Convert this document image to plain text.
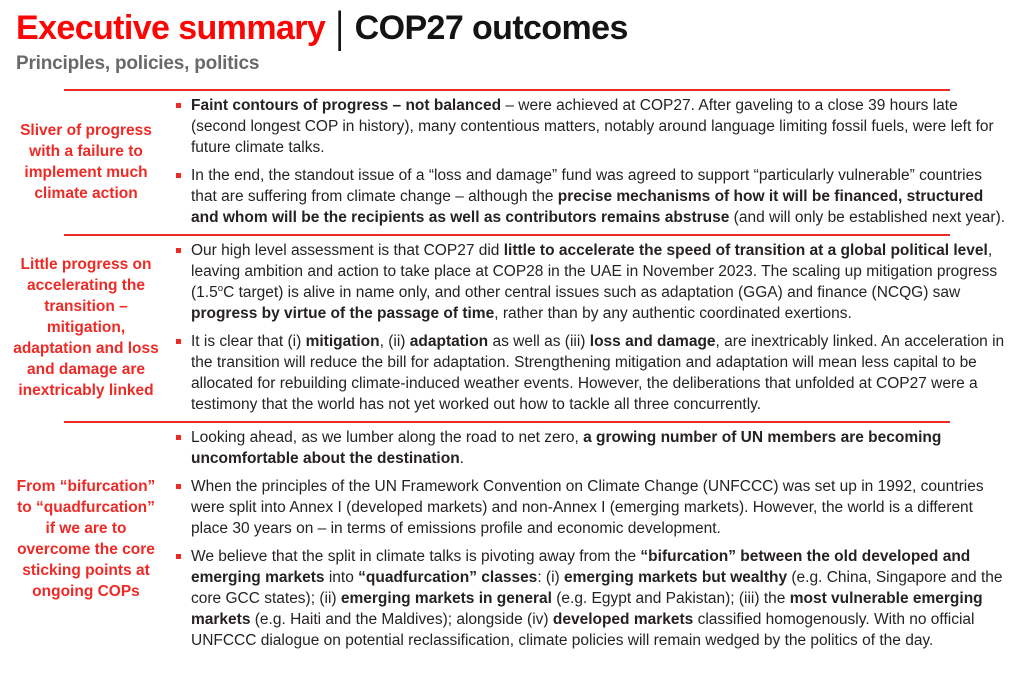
Executive summary | COP27 outcomes
Principles, policies, politics
Sliver of progress with a failure to implement much climate action
Faint contours of progress – not balanced – were achieved at COP27. After gaveling to a close 39 hours late (second longest COP in history), many contentious matters, notably around language limiting fossil fuels, were left for future climate talks.
In the end, the standout issue of a “loss and damage” fund was agreed to support “particularly vulnerable” countries that are suffering from climate change – although the precise mechanisms of how it will be financed, structured and whom will be the recipients as well as contributors remains abstruse (and will only be established next year).
Little progress on accelerating the transition – mitigation, adaptation and loss and damage are inextricably linked
Our high level assessment is that COP27 did little to accelerate the speed of transition at a global political level, leaving ambition and action to take place at COP28 in the UAE in November 2023. The scaling up mitigation progress (1.5$^o$C target) is alive in name only, and other central issues such as adaptation (GGA) and finance (NCQG) saw progress by virtue of the passage of time, rather than by any authentic coordinated exertions.
It is clear that (i) mitigation, (ii) adaptation as well as (iii) loss and damage, are inextricably linked. An acceleration in the transition will reduce the bill for adaptation. Strengthening mitigation and adaptation will mean less capital to be allocated for rebuilding climate-induced weather events. However, the deliberations that unfolded at COP27 were a testimony that the world has not yet worked out how to tackle all three concurrently.
From “bifurcation” to “quadfurcation” if we are to overcome the core sticking points at ongoing COPs
Looking ahead, as we lumber along the road to net zero, a growing number of UN members are becoming uncomfortable about the destination.
When the principles of the UN Framework Convention on Climate Change (UNFCCC) was set up in 1992, countries were split into Annex I (developed markets) and non-Annex I (emerging markets). However, the world is a different place 30 years on – in terms of emissions profile and economic development.
We believe that the split in climate talks is pivoting away from the “bifurcation” between the old developed and emerging markets into “quadfurcation” classes: (i) emerging markets but wealthy (e.g. China, Singapore and the core GCC states); (ii) emerging markets in general (e.g. Egypt and Pakistan); (iii) the most vulnerable emerging markets (e.g. Haiti and the Maldives); alongside (iv) developed markets classified homogenously. With no official UNFCCC dialogue on potential reclassification, climate policies will remain wedged by the politics of the day.
